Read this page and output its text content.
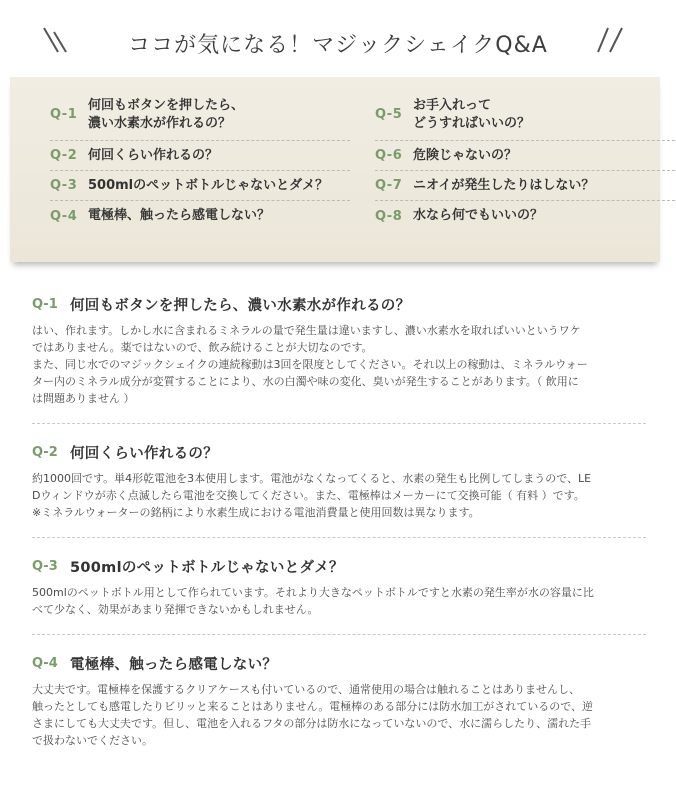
ココが気になる！マジックシェイクQ&A
Q-1
何回もボタンを押したら、
濃い水素水が作れるの？
Q-2 何回くらい作れるの？
Q-3 500mlのペットボトルじゃないとダメ？
Q-4 電極棒、触ったら感電しない？
Q-5
お手入れって
どうすればいいの？
Q-6 危険じゃないの？
Q-7 ニオイが発生したりはしない？
Q-8 水なら何でもいいの？
Q-1 何回もボタンを押したら、濃い水素水が作れるの？
はい、作れます。しかし水に含まれるミネラルの量で発生量は違いますし、濃い水素水を取ればいいというワケ
ではありません。薬ではないので、飲み続けることが大切なのです。
また、同じ水でのマジックシェイクの連続稼動は3回を限度としてください。それ以上の稼動は、ミネラルウォー
ター内のミネラル成分が変質することにより、水の白濁や味の変化、臭いが発生することがあります。（ 飲用に
は問題ありません ）
Q-2 何回くらい作れるの？
約1000回です。単4形乾電池を3本使用します。電池がなくなってくると、水素の発生も比例してしまうので、LE
Dウィンドウが赤く点滅したら電池を交換してください。また、電極棒はメーカーにて交換可能（ 有料 ）です。
※ミネラルウォーターの銘柄により水素生成における電池消費量と使用回数は異なります。
Q-3 500mlのペットボトルじゃないとダメ？
500mlのペットボトル用として作られています。それより大きなペットボトルですと水素の発生率が水の容量に比
べて少なく、効果があまり発揮できないかもしれません。
Q-4 電極棒、触ったら感電しない？
大丈夫です。電極棒を保護するクリアケースも付いているので、通常使用の場合は触れることはありませんし、
触ったとしても感電したりビリッと来ることはありません。電極棒のある部分には防水加工がされているので、逆
さまにしても大丈夫です。但し、電池を入れるフタの部分は防水になっていないので、水に濡らしたり、濡れた手
で扱わないでください。
